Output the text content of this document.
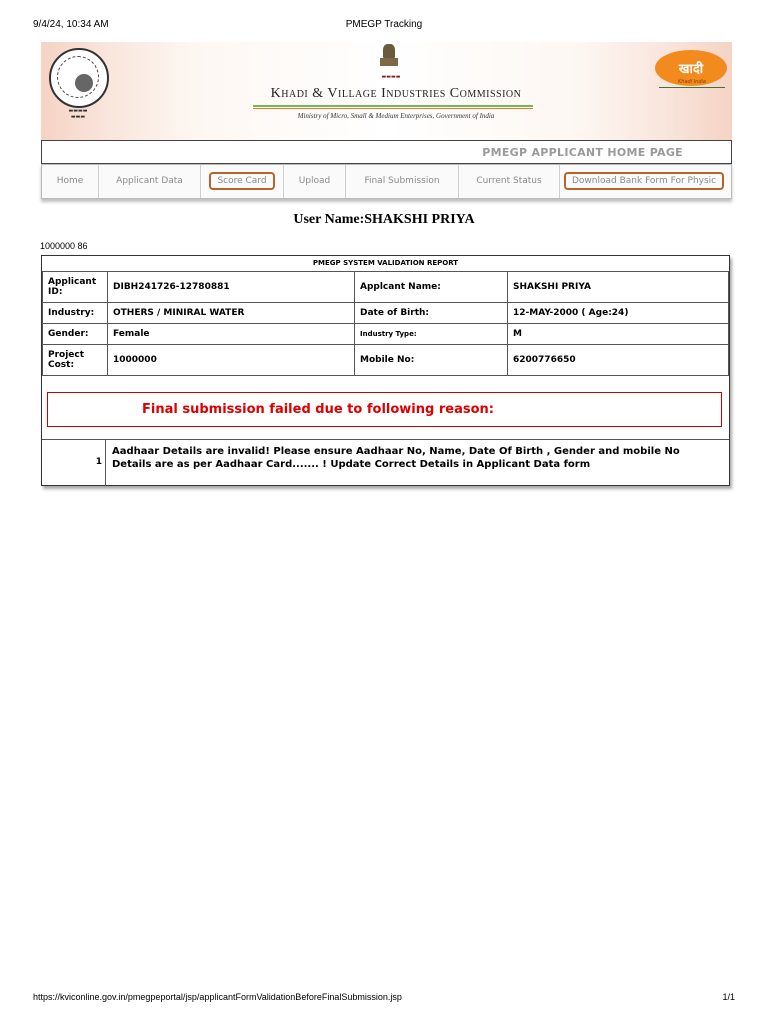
9/4/24, 10:34 AM	PMEGP Tracking
▬▬▬▬
▬▬▬
▬▬▬▬
Khadi & Village Industries Commission
Ministry of Micro, Small & Medium Enterprises, Government of India
खादी
Khadi India
PMEGP APPLICANT HOME PAGE
Home	Applicant Data	Score Card	Upload	Final Submission	Current Status	Download Bank Form For Physic
User Name:SHAKSHI PRIYA
1000000 86
PMEGP SYSTEM VALIDATION REPORT
Applicant ID:	DIBH241726-12780881	Applcant Name:	SHAKSHI PRIYA
Industry:	OTHERS / MINIRAL WATER	Date of Birth:	12-MAY-2000 ( Age:24)
Gender:	Female	Industry Type:	M
Project Cost:	1000000	Mobile No:	6200776650
Final submission failed due to following reason:
1
Aadhaar Details are invalid! Please ensure Aadhaar No, Name, Date Of Birth , Gender and mobile No Details are as per Aadhaar Card....... ! Update Correct Details in Applicant Data form
https://kviconline.gov.in/pmegpeportal/jsp/applicantFormValidationBeforeFinalSubmission.jsp	1/1
